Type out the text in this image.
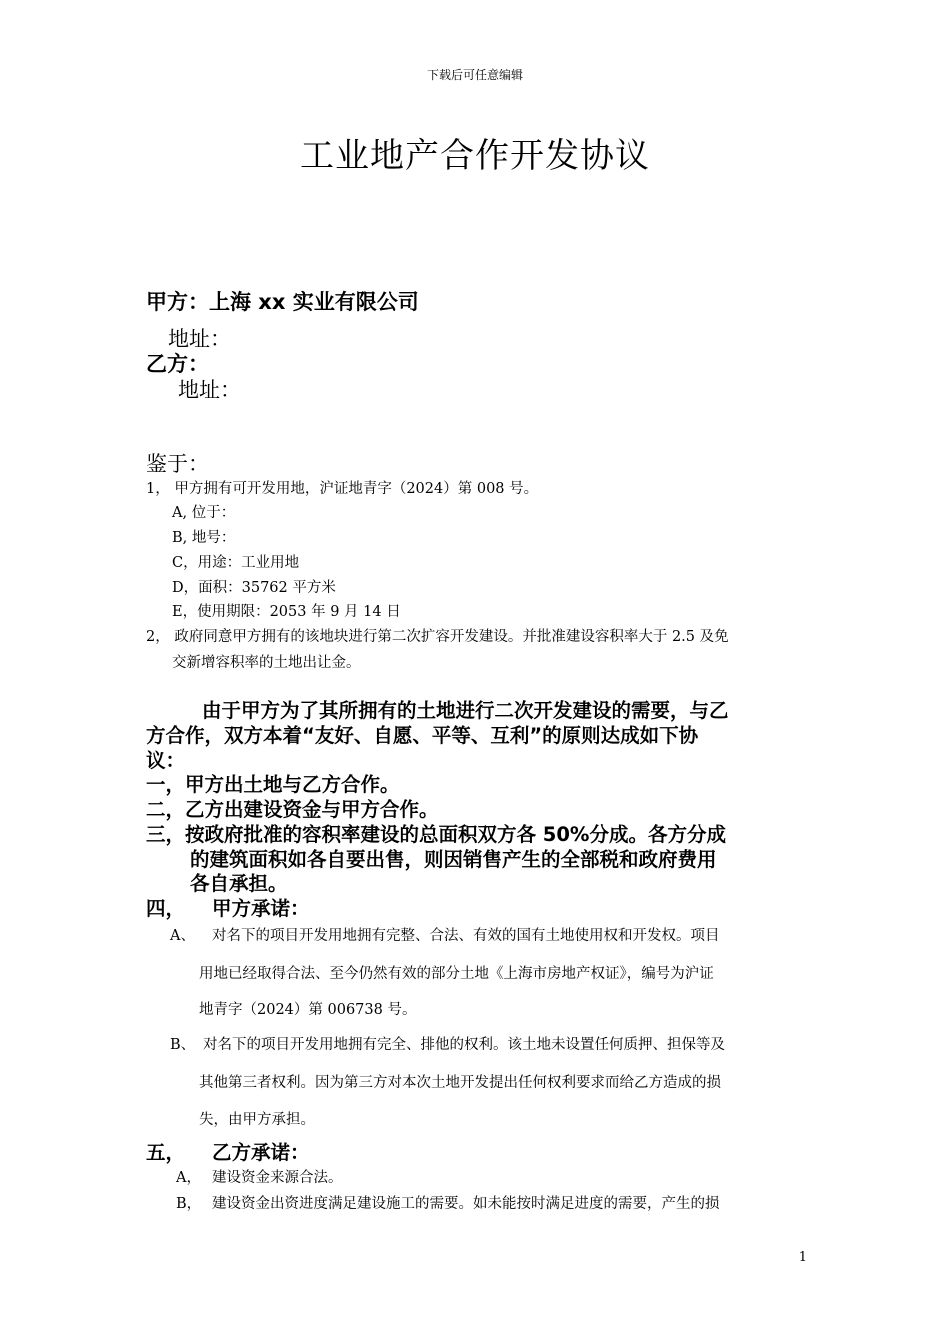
下载后可任意编辑
工业地产合作开发协议
甲方：上海 xx 实业有限公司
地址：
乙方：
地址：
鉴于：
1， 甲方拥有可开发用地，沪证地青字（2024）第 008 号。
A, 位于：
B, 地号：
C，用途：工业用地
D，面积：35762 平方米
E，使用期限：2053 年 9 月 14 日
2， 政府同意甲方拥有的该地块进行第二次扩容开发建设。并批准建设容积率大于 2.5 及免
交新增容积率的土地出让金。
由于甲方为了其所拥有的土地进行二次开发建设的需要，与乙
方合作，双方本着“友好、自愿、平等、互利”的原则达成如下协
议：
一，甲方出土地与乙方合作。
二，乙方出建设资金与甲方合作。
三，按政府批准的容积率建设的总面积双方各 50%分成。各方分成
的建筑面积如各自要出售，则因销售产生的全部税和政府费用
各自承担。
四， 甲方承诺：
A、 对名下的项目开发用地拥有完整、合法、有效的国有土地使用权和开发权。项目
用地已经取得合法、至今仍然有效的部分土地《上海市房地产权证》，编号为沪证
地青字（2024）第 006738 号。
B、 对名下的项目开发用地拥有完全、排他的权利。该土地未设置任何质押、担保等及
其他第三者权利。因为第三方对本次土地开发提出任何权利要求而给乙方造成的损
失，由甲方承担。
五， 乙方承诺：
A， 建设资金来源合法。
B， 建设资金出资进度满足建设施工的需要。如未能按时满足进度的需要，产生的损
1
